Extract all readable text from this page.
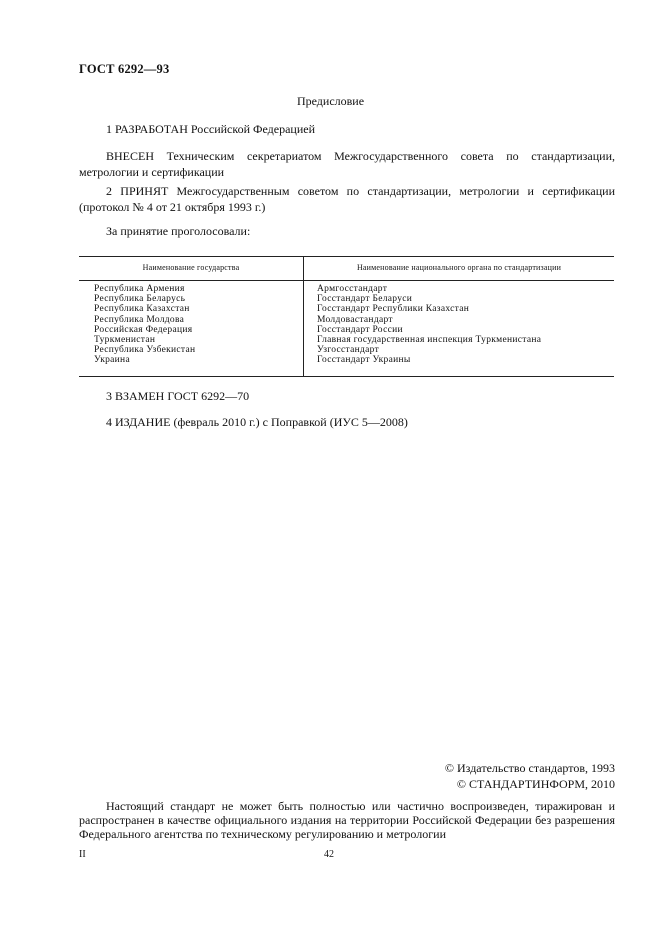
ГОСТ 6292—93
Предисловие

1 РАЗРАБОТАН Российской Федерацией

ВНЕСЕН Техническим секретариатом Межгосударственного совета по стандартизации, метрологии и сертификации

2 ПРИНЯТ Межгосударственным советом по стандартизации, метрологии и сертификации (протокол № 4 от 21 октября 1993 г.)

За принятие проголосовали:

Наименование государства	Наименование национального органа по стандартизации
Республика Армения
Республика Беларусь
Республика Казахстан
Республика Молдова
Российская Федерация
Туркменистан
Республика Узбекистан
Украина
Армгосстандарт
Госстандарт Беларуси
Госстандарт Республики Казахстан
Молдовастандарт
Госстандарт России
Главная государственная инспекция Туркменистана
Узгосстандарт
Госстандарт Украины

3 ВЗАМЕН ГОСТ 6292—70

4 ИЗДАНИЕ (февраль 2010 г.) с Поправкой (ИУС 5—2008)

© Издательство стандартов, 1993
© СТАНДАРТИНФОРМ, 2010

Настоящий стандарт не может быть полностью или частично воспроизведен, тиражирован и распространен в качестве официального издания на территории Российской Федерации без разрешения Федерального агентства по техническому регулированию и метрологии

II	42
